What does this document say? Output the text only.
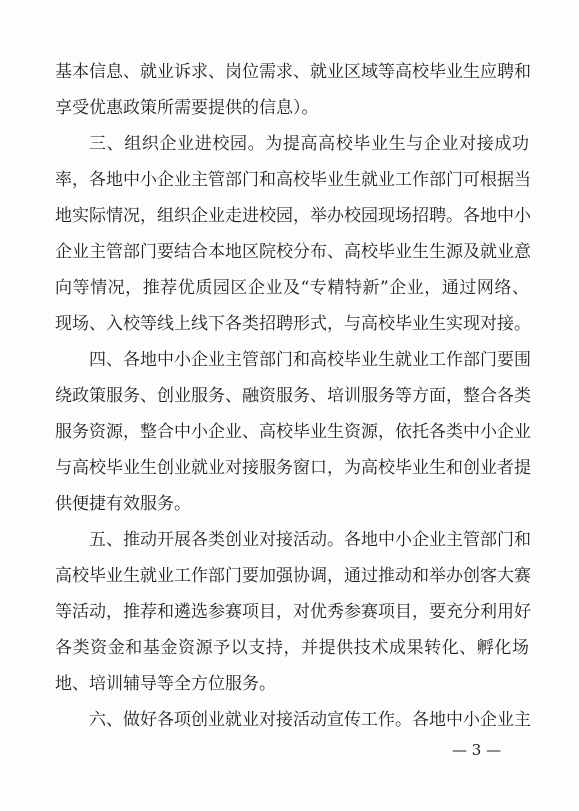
基本信息、就业诉求、岗位需求、就业区域等高校毕业生应聘和
享受优惠政策所需要提供的信息）。
三、组织企业进校园。为提高高校毕业生与企业对接成功
率，各地中小企业主管部门和高校毕业生就业工作部门可根据当
地实际情况，组织企业走进校园，举办校园现场招聘。各地中小
企业主管部门要结合本地区院校分布、高校毕业生生源及就业意
向等情况，推荐优质园区企业及“专精特新”企业，通过网络、
现场、入校等线上线下各类招聘形式，与高校毕业生实现对接。
四、各地中小企业主管部门和高校毕业生就业工作部门要围
绕政策服务、创业服务、融资服务、培训服务等方面，整合各类
服务资源，整合中小企业、高校毕业生资源，依托各类中小企业
与高校毕业生创业就业对接服务窗口，为高校毕业生和创业者提
供便捷有效服务。
五、推动开展各类创业对接活动。各地中小企业主管部门和
高校毕业生就业工作部门要加强协调，通过推动和举办创客大赛
等活动，推荐和遴选参赛项目，对优秀参赛项目，要充分利用好
各类资金和基金资源予以支持，并提供技术成果转化、孵化场
地、培训辅导等全方位服务。
六、做好各项创业就业对接活动宣传工作。各地中小企业主
— 3 —
